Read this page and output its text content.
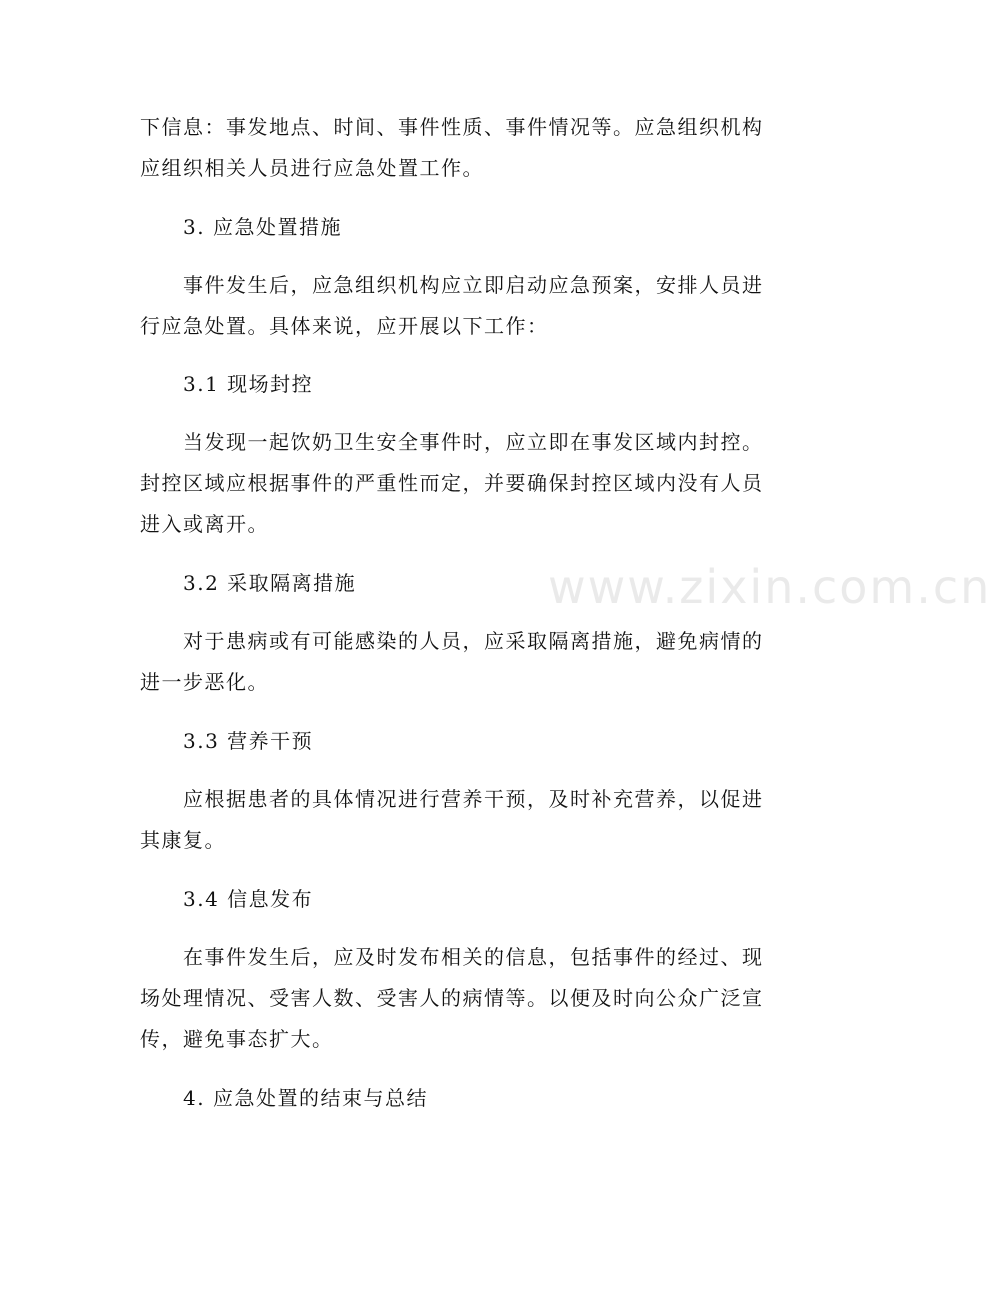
www.zixin.com.cn
下信息：事发地点、时间、事件性质、事件情况等。应急组织机构
应组织相关人员进行应急处置工作。
3. 应急处置措施
事件发生后，应急组织机构应立即启动应急预案，安排人员进
行应急处置。具体来说，应开展以下工作：
3.1 现场封控
当发现一起饮奶卫生安全事件时，应立即在事发区域内封控。
封控区域应根据事件的严重性而定，并要确保封控区域内没有人员
进入或离开。
3.2 采取隔离措施
对于患病或有可能感染的人员，应采取隔离措施，避免病情的
进一步恶化。
3.3 营养干预
应根据患者的具体情况进行营养干预，及时补充营养，以促进
其康复。
3.4 信息发布
在事件发生后，应及时发布相关的信息，包括事件的经过、现
场处理情况、受害人数、受害人的病情等。以便及时向公众广泛宣
传，避免事态扩大。
4. 应急处置的结束与总结
